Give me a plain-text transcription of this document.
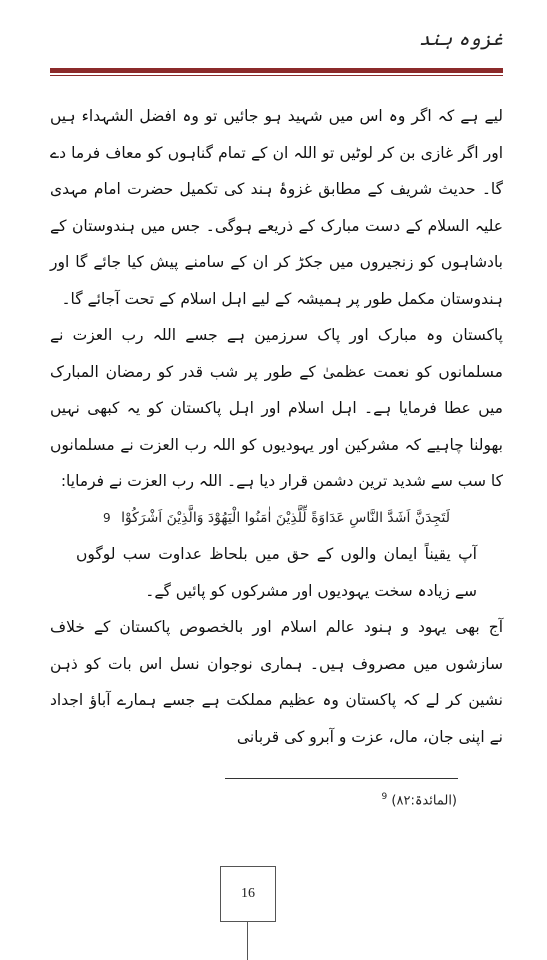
غزوہ ہند

لیے ہے کہ اگر وہ اس میں شہید ہو جائیں تو وہ افضل الشہداء ہیں اور اگر غازی بن کر لوٹیں تو اللہ ان کے تمام گناہوں کو معاف فرما دے گا۔ حدیث شریف کے مطابق غزوۂ ہند کی تکمیل حضرت امام مہدی علیہ السلام کے دست مبارک کے ذریعے ہوگی۔ جس میں ہندوستان کے بادشاہوں کو زنجیروں میں جکڑ کر ان کے سامنے پیش کیا جائے گا اور ہندوستان مکمل طور پر ہمیشہ کے لیے اہل اسلام کے تحت آجائے گا۔

پاکستان وہ مبارک اور پاک سرزمین ہے جسے اللہ رب العزت نے مسلمانوں کو نعمت عظمیٰ کے طور پر شب قدر کو رمضان المبارک میں عطا فرمایا ہے۔ اہل اسلام اور اہل پاکستان کو یہ کبھی نہیں بھولنا چاہیے کہ مشرکین اور یہودیوں کو اللہ رب العزت نے مسلمانوں کا سب سے شدید ترین دشمن قرار دیا ہے۔ اللہ رب العزت نے فرمایا:

لَتَجِدَنَّ اَشَدَّ النَّاسِ عَدَاوَةً لِّلَّذِيْنَ اٰمَنُوا الْيَهُوْدَ وَالَّذِيْنَ اَشْرَكُوْا 9

آپ یقیناً ایمان والوں کے حق میں بلحاظ عداوت سب لوگوں سے زیادہ سخت یہودیوں اور مشرکوں کو پائیں گے۔

آج بھی یہود و ہنود عالم اسلام اور بالخصوص پاکستان کے خلاف سازشوں میں مصروف ہیں۔ ہماری نوجوان نسل اس بات کو ذہن نشین کر لے کہ پاکستان وہ عظیم مملکت ہے جسے ہمارے آباؤ اجداد نے اپنی جان، مال، عزت و آبرو کی قربانی

(المائدۃ:۸۲) $^9$
16
